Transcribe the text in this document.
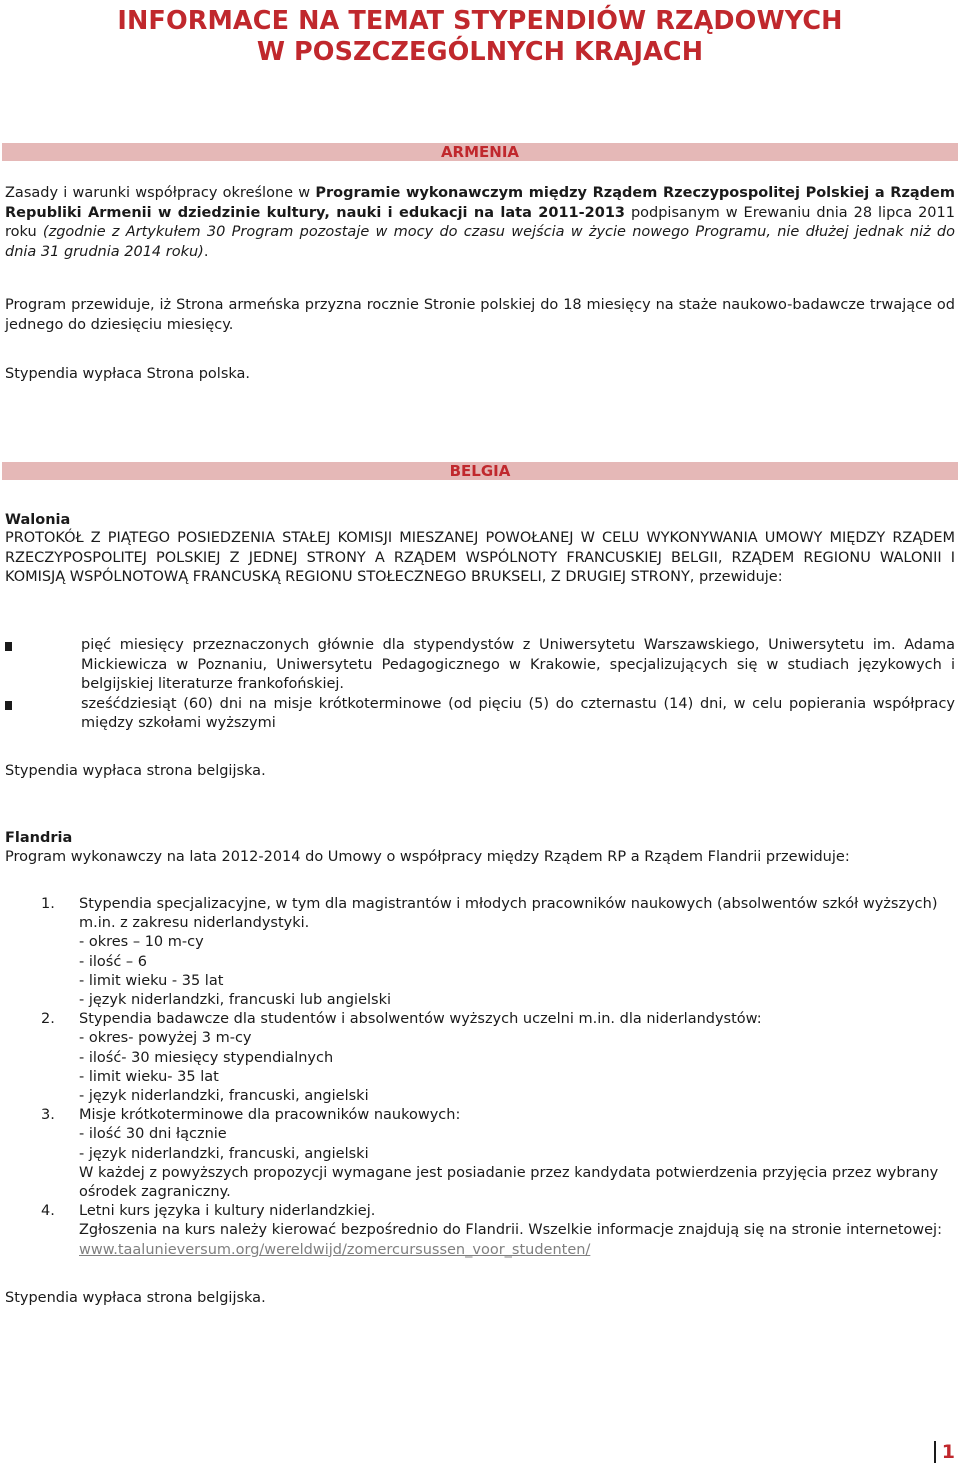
INFORMACE NA TEMAT STYPENDIÓW RZĄDOWYCH
W POSZCZEGÓLNYCH KRAJACH
ARMENIA

Zasady i warunki współpracy określone w Programie wykonawczym między Rządem Rzeczypospolitej Polskiej a Rządem Republiki Armenii w dziedzinie kultury, nauki i edukacji na lata 2011-2013 podpisanym w Erewaniu dnia 28 lipca 2011 roku (zgodnie z Artykułem 30 Program pozostaje w mocy do czasu wejścia w życie nowego Programu, nie dłużej jednak niż do dnia 31 grudnia 2014 roku).

Program przewiduje, iż Strona armeńska przyzna rocznie Stronie polskiej do 18 miesięcy na staże naukowo-badawcze trwające od jednego do dziesięciu miesięcy.

Stypendia wypłaca Strona polska.

BELGIA
Walonia

PROTOKÓŁ Z PIĄTEGO POSIEDZENIA STAŁEJ KOMISJI MIESZANEJ POWOŁANEJ W CELU WYKONYWANIA UMOWY MIĘDZY RZĄDEM RZECZYPOSPOLITEJ POLSKIEJ Z JEDNEJ STRONY A RZĄDEM WSPÓLNOTY FRANCUSKIEJ BELGII, RZĄDEM REGIONU WALONII I KOMISJĄ WSPÓLNOTOWĄ FRANCUSKĄ REGIONU STOŁECZNEGO BRUKSELI, Z DRUGIEJ STRONY, przewiduje:

pięć miesięcy przeznaczonych głównie dla stypendystów z Uniwersytetu Warszawskiego, Uniwersytetu im. Adama Mickiewicza w Poznaniu, Uniwersytetu Pedagogicznego w Krakowie, specjalizujących się w studiach językowych i belgijskiej literaturze frankofońskiej.
sześćdziesiąt (60) dni na misje krótkoterminowe (od pięciu (5) do czternastu (14) dni, w celu popierania współpracy między szkołami wyższymi

Stypendia wypłaca strona belgijska.

Flandria

Program wykonawczy na lata 2012-2014 do Umowy o współpracy między Rządem RP a Rządem Flandrii przewiduje:

1. Stypendia specjalizacyjne, w tym dla magistrantów i młodych pracowników naukowych (absolwentów szkół wyższych) m.in. z zakresu niderlandystyki.
- okres – 10 m-cy
- ilość – 6
- limit wieku - 35 lat
- język niderlandzki, francuski lub angielski
2. Stypendia badawcze dla studentów i absolwentów wyższych uczelni m.in. dla niderlandystów:
- okres- powyżej 3 m-cy
- ilość- 30 miesięcy stypendialnych
- limit wieku- 35 lat
- język niderlandzki, francuski, angielski
3. Misje krótkoterminowe dla pracowników naukowych:
- ilość 30 dni łącznie
- język niderlandzki, francuski, angielski
W każdej z powyższych propozycji wymagane jest posiadanie przez kandydata potwierdzenia przyjęcia przez wybrany ośrodek zagraniczny.
4. Letni kurs języka i kultury niderlandzkiej.
Zgłoszenia na kurs należy kierować bezpośrednio do Flandrii. Wszelkie informacje znajdują się na stronie internetowej: www.taalunieversum.org/wereldwijd/zomercursussen_voor_studenten/

Stypendia wypłaca strona belgijska.

1
